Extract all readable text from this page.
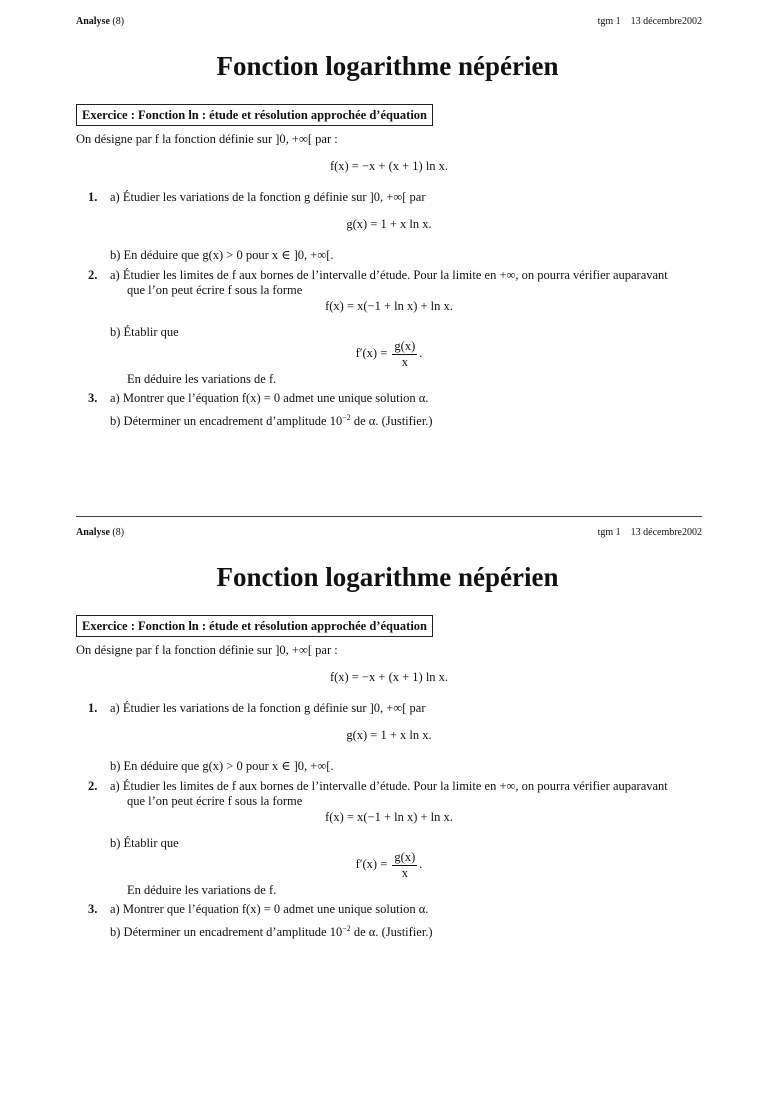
Analyse (8)	tgm 1 13 décembre2002
Fonction logarithme népérien
Exercice : Fonction ln : étude et résolution approchée d’équation
On désigne par f la fonction définie sur ]0, +∞[ par :
f(x) = −x + (x + 1) ln x.
1. a) Étudier les variations de la fonction g définie sur ]0, +∞[ par
g(x) = 1 + x ln x.
b) En déduire que g(x) > 0 pour x ∈ ]0, +∞[.
2. a) Étudier les limites de f aux bornes de l’intervalle d’étude. Pour la limite en +∞, on pourra vérifier auparavant
que l’on peut écrire f sous la forme
f(x) = x(−1 + ln x) + ln x.
b) Établir que
$f'(x) = \frac{g(x)}{x}$ .
En déduire les variations de f.
3. a) Montrer que l’équation f(x) = 0 admet une unique solution α.
b) Déterminer un encadrement d’amplitude $10^{-2}$ de α. (Justifier.)
Analyse (8)	tgm 1 13 décembre2002
Fonction logarithme népérien
Exercice : Fonction ln : étude et résolution approchée d’équation
On désigne par f la fonction définie sur ]0, +∞[ par :
f(x) = −x + (x + 1) ln x.
1. a) Étudier les variations de la fonction g définie sur ]0, +∞[ par
g(x) = 1 + x ln x.
b) En déduire que g(x) > 0 pour x ∈ ]0, +∞[.
2. a) Étudier les limites de f aux bornes de l’intervalle d’étude. Pour la limite en +∞, on pourra vérifier auparavant
que l’on peut écrire f sous la forme
f(x) = x(−1 + ln x) + ln x.
b) Établir que
$f'(x) = \frac{g(x)}{x}$ .
En déduire les variations de f.
3. a) Montrer que l’équation f(x) = 0 admet une unique solution α.
b) Déterminer un encadrement d’amplitude $10^{-2}$ de α. (Justifier.)
